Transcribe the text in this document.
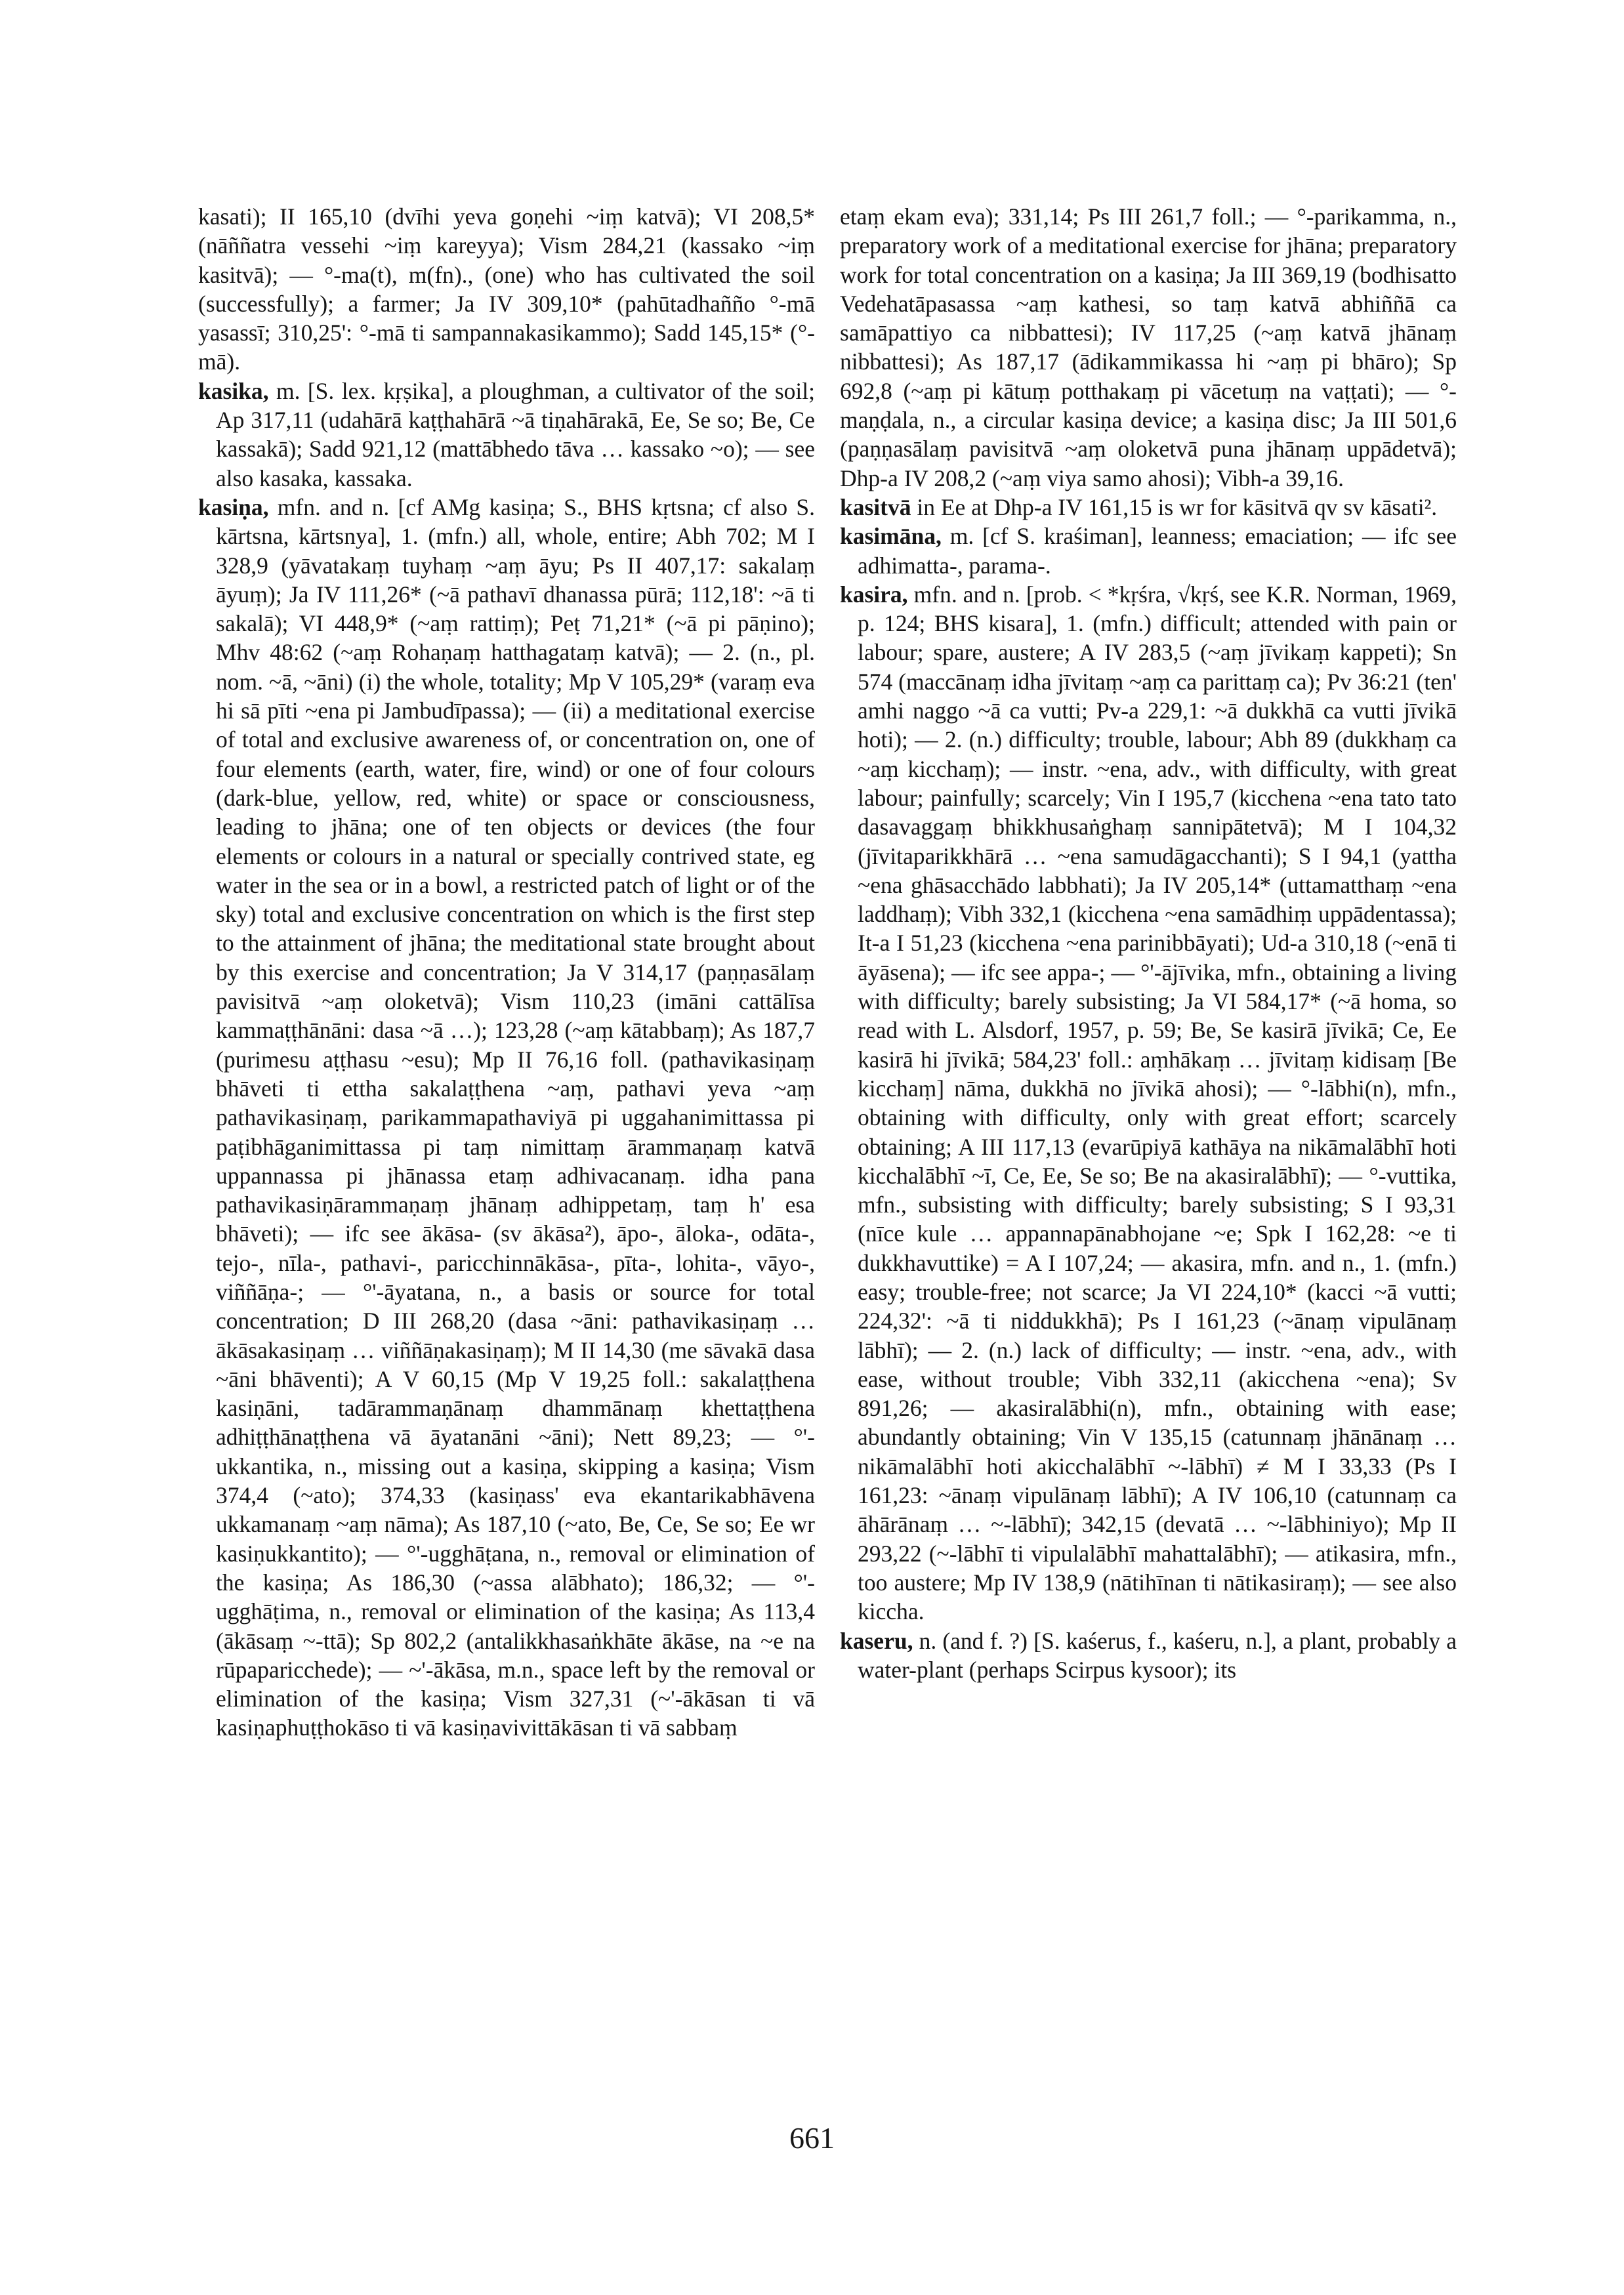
kasati); II 165,10 (dvīhi yeva goṇehi ~iṃ katvā); VI 208,5* (nāññatra vessehi ~iṃ kareyya); Vism 284,21 (kassako ~iṃ kasitvā); — °-ma(t), m(fn)., (one) who has cultivated the soil (successfully); a farmer; Ja IV 309,10* (pahūtadhañño °-mā yasassī; 310,25': °-mā ti sampannakasikammo); Sadd 145,15* (°-mā).

kasika, m. [S. lex. kṛṣika], a ploughman, a cultivator of the soil; Ap 317,11 (udahārā kaṭṭhahārā ~ā tiṇahārakā, Ee, Se so; Be, Ce kassakā); Sadd 921,12 (mattābhedo tāva … kassako ~o); — see also kasaka, kassaka.

kasiṇa, mfn. and n. [cf AMg kasiṇa; S., BHS kṛtsna; cf also S. kārtsna, kārtsnya], 1. (mfn.) all, whole, entire; Abh 702; M I 328,9 (yāvatakaṃ tuyhaṃ ~aṃ āyu; Ps II 407,17: sakalaṃ āyuṃ); Ja IV 111,26* (~ā pathavī dhanassa pūrā; 112,18': ~ā ti sakalā); VI 448,9* (~aṃ rattiṃ); Peṭ 71,21* (~ā pi pāṇino); Mhv 48:62 (~aṃ Rohaṇaṃ hatthagataṃ katvā); — 2. (n., pl. nom. ~ā, ~āni) (i) the whole, totality; Mp V 105,29* (varaṃ eva hi sā pīti ~ena pi Jambudīpassa); — (ii) a meditational exercise of total and exclusive awareness of, or concentration on, one of four elements (earth, water, fire, wind) or one of four colours (dark-blue, yellow, red, white) or space or consciousness, leading to jhāna; one of ten objects or devices (the four elements or colours in a natural or specially contrived state, eg water in the sea or in a bowl, a restricted patch of light or of the sky) total and exclusive concentration on which is the first step to the attainment of jhāna; the meditational state brought about by this exercise and concentration; Ja V 314,17 (paṇṇasālaṃ pavisitvā ~aṃ oloketvā); Vism 110,23 (imāni cattālīsa kammaṭṭhānāni: dasa ~ā …); 123,28 (~aṃ kātabbaṃ); As 187,7 (purimesu aṭṭhasu ~esu); Mp II 76,16 foll. (pathavikasiṇaṃ bhāveti ti ettha sakalaṭṭhena ~aṃ, pathavi yeva ~aṃ pathavikasiṇaṃ, parikammapathaviyā pi uggahanimittassa pi paṭibhāganimittassa pi taṃ nimittaṃ ārammaṇaṃ katvā uppannassa pi jhānassa etaṃ adhivacanaṃ. idha pana pathavikasiṇārammaṇaṃ jhānaṃ adhippetaṃ, taṃ h' esa bhāveti); — ifc see ākāsa- (sv ākāsa²), āpo-, āloka-, odāta-, tejo-, nīla-, pathavi-, paricchinnākāsa-, pīta-, lohita-, vāyo-, viññāṇa-; — °'-āyatana, n., a basis or source for total concentration; D III 268,20 (dasa ~āni: pathavikasiṇaṃ … ākāsakasiṇaṃ … viññāṇakasiṇaṃ); M II 14,30 (me sāvakā dasa ~āni bhāventi); A V 60,15 (Mp V 19,25 foll.: sakalaṭṭhena kasiṇāni, tadārammaṇānaṃ dhammānaṃ khettaṭṭhena adhiṭṭhānaṭṭhena vā āyatanāni ~āni); Nett 89,23; — °'-ukkantika, n., missing out a kasiṇa, skipping a kasiṇa; Vism 374,4 (~ato); 374,33 (kasiṇass' eva ekantarikabhāvena ukkamanaṃ ~aṃ nāma); As 187,10 (~ato, Be, Ce, Se so; Ee wr kasiṇukkantito); — °'-ugghāṭana, n., removal or elimination of the kasiṇa; As 186,30 (~assa alābhato); 186,32; — °'-ugghāṭima, n., removal or elimination of the kasiṇa; As 113,4 (ākāsaṃ ~-ttā); Sp 802,2 (antalikkhasaṅkhāte ākāse, na ~e na rūpaparicchede); — ~'-ākāsa, m.n., space left by the removal or elimination of the kasiṇa; Vism 327,31 (~'-ākāsan ti vā kasiṇaphuṭṭhokāso ti vā kasiṇavivittākāsan ti vā sabbaṃ

etaṃ ekam eva); 331,14; Ps III 261,7 foll.; — °-parikamma, n., preparatory work of a meditational exercise for jhāna; preparatory work for total concentration on a kasiṇa; Ja III 369,19 (bodhisatto Vedehatāpasassa ~aṃ kathesi, so taṃ katvā abhiññā ca samāpattiyo ca nibbattesi); IV 117,25 (~aṃ katvā jhānaṃ nibbattesi); As 187,17 (ādikammikassa hi ~aṃ pi bhāro); Sp 692,8 (~aṃ pi kātuṃ potthakaṃ pi vācetuṃ na vaṭṭati); — °-maṇḍala, n., a circular kasiṇa device; a kasiṇa disc; Ja III 501,6 (paṇṇasālaṃ pavisitvā ~aṃ oloketvā puna jhānaṃ uppādetvā); Dhp-a IV 208,2 (~aṃ viya samo ahosi); Vibh-a 39,16.

kasitvā in Ee at Dhp-a IV 161,15 is wr for kāsitvā qv sv kāsati².

kasimāna, m. [cf S. kraśiman], leanness; emaciation; — ifc see adhimatta-, parama-.

kasira, mfn. and n. [prob. < *kṛśra, √kṛś, see K.R. Norman, 1969, p. 124; BHS kisara], 1. (mfn.) difficult; attended with pain or labour; spare, austere; A IV 283,5 (~aṃ jīvikaṃ kappeti); Sn 574 (maccānaṃ idha jīvitaṃ ~aṃ ca parittaṃ ca); Pv 36:21 (ten' amhi naggo ~ā ca vutti; Pv-a 229,1: ~ā dukkhā ca vutti jīvikā hoti); — 2. (n.) difficulty; trouble, labour; Abh 89 (dukkhaṃ ca ~aṃ kicchaṃ); — instr. ~ena, adv., with difficulty, with great labour; painfully; scarcely; Vin I 195,7 (kicchena ~ena tato tato dasavaggaṃ bhikkhusaṅghaṃ sannipātetvā); M I 104,32 (jīvitaparikkhārā … ~ena samudāgacchanti); S I 94,1 (yattha ~ena ghāsacchādo labbhati); Ja IV 205,14* (uttamatthaṃ ~ena laddhaṃ); Vibh 332,1 (kicchena ~ena samādhiṃ uppādentassa); It-a I 51,23 (kicchena ~ena parinibbāyati); Ud-a 310,18 (~enā ti āyāsena); — ifc see appa-; — °'-ājīvika, mfn., obtaining a living with difficulty; barely subsisting; Ja VI 584,17* (~ā homa, so read with L. Alsdorf, 1957, p. 59; Be, Se kasirā jīvikā; Ce, Ee kasirā hi jīvikā; 584,23' foll.: aṃhākaṃ … jīvitaṃ kidisaṃ [Be kicchaṃ] nāma, dukkhā no jīvikā ahosi); — °-lābhi(n), mfn., obtaining with difficulty, only with great effort; scarcely obtaining; A III 117,13 (evarūpiyā kathāya na nikāmalābhī hoti kicchalābhī ~ī, Ce, Ee, Se so; Be na akasiralābhī); — °-vuttika, mfn., subsisting with difficulty; barely subsisting; S I 93,31 (nīce kule … appannapānabhojane ~e; Spk I 162,28: ~e ti dukkhavuttike) = A I 107,24; — akasira, mfn. and n., 1. (mfn.) easy; trouble-free; not scarce; Ja VI 224,10* (kacci ~ā vutti; 224,32': ~ā ti niddukkhā); Ps I 161,23 (~ānaṃ vipulānaṃ lābhī); — 2. (n.) lack of difficulty; — instr. ~ena, adv., with ease, without trouble; Vibh 332,11 (akicchena ~ena); Sv 891,26; — akasiralābhi(n), mfn., obtaining with ease; abundantly obtaining; Vin V 135,15 (catunnaṃ jhānānaṃ … nikāmalābhī hoti akicchalābhī ~-lābhī) ≠ M I 33,33 (Ps I 161,23: ~ānaṃ vipulānaṃ lābhī); A IV 106,10 (catunnaṃ ca āhārānaṃ … ~-lābhī); 342,15 (devatā … ~-lābhiniyo); Mp II 293,22 (~-lābhī ti vipulalābhī mahattalābhī); — atikasira, mfn., too austere; Mp IV 138,9 (nātihīnan ti nātikasiraṃ); — see also kiccha.

kaseru, n. (and f. ?) [S. kaśerus, f., kaśeru, n.], a plant, probably a water-plant (perhaps Scirpus kysoor); its

661
